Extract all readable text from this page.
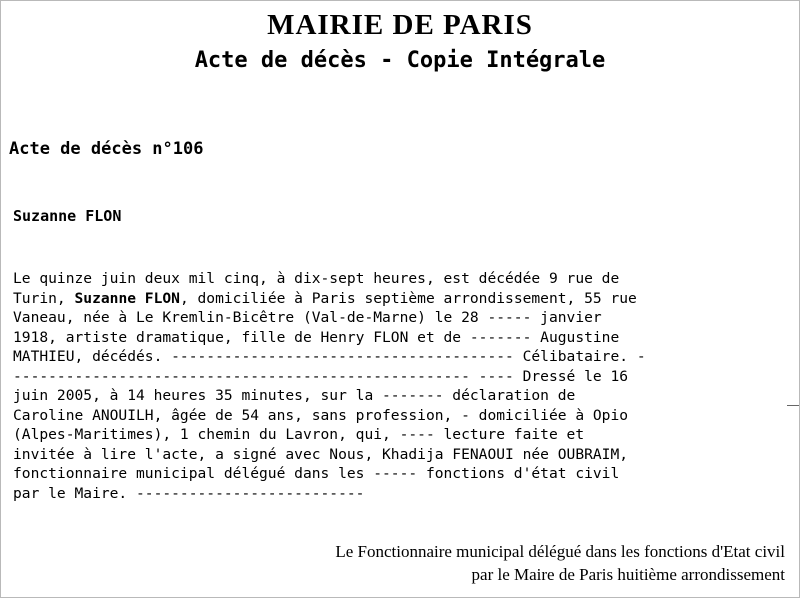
MAIRIE DE PARIS
Acte de décès - Copie Intégrale
Acte de décès n°106
Suzanne FLON
Le quinze juin deux mil cinq, à dix-sept heures, est décédée 9 rue de Turin, Suzanne FLON, domiciliée à Paris septième arrondissement, 55 rue Vaneau, née à Le Kremlin-Bicêtre (Val-de-Marne) le 28 ----- janvier 1918, artiste dramatique, fille de Henry FLON et de ------- Augustine MATHIEU, décédés. --------------------------------------- Célibataire. ----------------------------------------------------- ---- Dressé le 16 juin 2005, à 14 heures 35 minutes, sur la ------- déclaration de Caroline ANOUILH, âgée de 54 ans, sans profession, - domiciliée à Opio (Alpes-Maritimes), 1 chemin du Lavron, qui, ---- lecture faite et invitée à lire l'acte, a signé avec Nous, Khadija FENAOUI née OUBRAIM, fonctionnaire municipal délégué dans les ----- fonctions d'état civil par le Maire. --------------------------
Le Fonctionnaire municipal délégué dans les fonctions d'Etat civil
par le Maire de Paris huitième arrondissement
